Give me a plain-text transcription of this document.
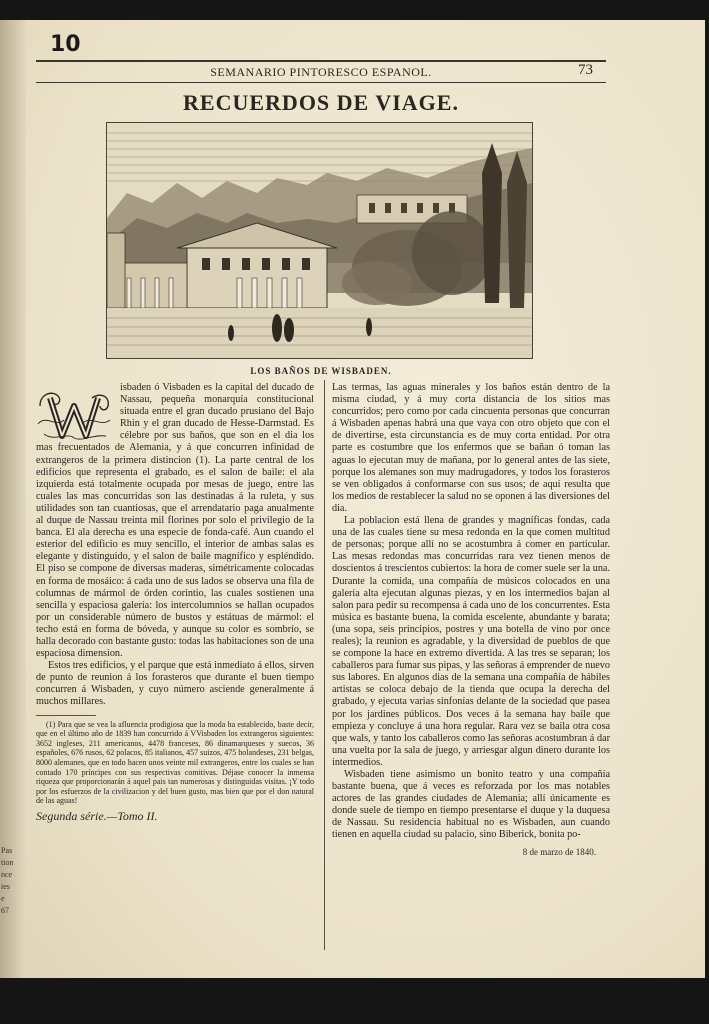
Pas
tion
nce
ies
e
67
10
SEMANARIO PINTORESCO ESPANOL.	73
RECUERDOS DE VIAGE.
LOS BAÑOS DE WISBADEN.

isbaden ó Visbaden es la capital del ducado de Nassau, pequeña monarquía constitucional situada entre el gran ducado prusiano del Bajo Rhin y el gran ducado de Hesse-Darmstad. Es célebre por sus baños, que son en el dia los mas frecuentados de Alemania, y á que concurren infinidad de extrangeros de la primera distincion (1). La parte central de los edificios que representa el grabado, es el salon de baile: el ala izquierda está totalmente ocupada por mesas de juego, entre las cuales las mas concurridas son las destinadas á la ruleta, y sus utilidades son tan cuantiosas, que el arrendatario paga anualmente al duque de Nassau treinta mil florines por solo el privilegio de la banca. El ala derecha es una especie de fonda-café. Aun cuando el esterior del edificio es muy sencillo, el interior de ambas salas es elegante y distinguido, y el salon de baile magnífico y espléndido. El piso se compone de diversas maderas, simétricamente colocadas en forma de mosáico: á cada uno de sus lados se observa una fila de columnas de mármol de órden corintio, las cuales sostienen una sencilla y espaciosa galería: los intercolumnios se hallan ocupados por un considerable número de bustos y estátuas de mármol: el techo está en forma de bóveda, y aunque su color es sombrío, se halla decorado con bastante gusto: todas las habitaciones son de una espaciosa dimension.

Estos tres edificios, y el parque que está inmediato á ellos, sirven de punto de reunion á los forasteros que durante el buen tiempo concurren á Wisbaden, y cuyo número asciende generalmente á muchos millares.

(1) Para que se vea la afluencia prodigiosa que la moda ha establecido, baste decir, que en el último año de 1839 han concurrido á VVisbaden los extrangeros siguientes: 3652 ingleses, 211 americanos, 4478 franceses, 86 dinamarqueses y suecos, 36 españoles, 676 rusos, 62 polacos, 85 italianos, 457 suizos, 475 holandeses, 231 belgas, 8000 alemanes, que en todo hacen unos veinte mil extrangeros, entre los cuales se han contado 170 príncipes con sus respectivas comitivas. Déjase conocer la inmensa riqueza que proporcionarán á aquel pais tan numerosas y distinguidas visitas. ¡Y todo por los esfuerzos de la civilizacion y del buen gusto, mas bien que por el don natural de las aguas!
Segunda série.—Tomo II.

Las termas, las aguas minerales y los baños están dentro de la misma ciudad, y á muy corta distancia de los sitios mas concurridos; pero como por cada cincuenta personas que concurran á Wisbaden apenas habrá una que vaya con otro objeto que con el de divertirse, esta circunstancia es de muy corta entidad. Por otra parte es costumbre que los enfermos que se bañan ó toman las aguas lo ejecutan muy de mañana, por lo general antes de las siete, porque los alemanes son muy madrugadores, y todos los forasteros se ven obligados á conformarse con sus usos; de aquí resulta que los medios de restablecer la salud no se oponen á las diversiones del dia.

La poblacion está llena de grandes y magníficas fondas, cada una de las cuales tiene su mesa redonda en la que comen multitud de personas; porque allí no se acostumbra á comer en particular. Las mesas redondas mas concurridas rara vez tienen menos de doscientos á trescientos cubiertos: la hora de comer suele ser la una. Durante la comida, una compañía de músicos colocados en una galería alta ejecutan algunas piezas, y en los intermedios bajan al salon para pedir su recompensa á cada uno de los concurrentes. Esta música es bastante buena, la comida escelente, abundante y barata; (una sopa, seis principios, postres y una botella de vino por once reales); la reunion es agradable, y la diversidad de pueblos de que se compone la hace en extremo divertida. A las tres se separan; los caballeros para fumar sus pipas, y las señoras á emprender de nuevo sus labores. En algunos dias de la semana una compañía de hábiles artistas se coloca debajo de la tienda que ocupa la derecha del grabado, y ejecuta varias sinfonías delante de la sociedad que pasea por los jardines públicos. Dos veces á la semana hay baile que empieza y concluye á una hora regular. Rara vez se baila otra cosa que wals, y tanto los caballeros como las señoras acostumbran á dar una vuelta por la sala de juego, y arriesgar algun dinero durante los intermedios.

Wisbaden tiene asimismo un bonito teatro y una compañía bastante buena, que á veces es reforzada por los mas notables actores de las grandes ciudades de Alemania; allí únicamente es donde suele de tiempo en tiempo presentarse el duque y la duquesa de Nassau. Su residencia habitual no es Wisbaden, aun cuando tienen en aquella ciudad su palacio, sino Biberick, bonita po-

8 de marzo de 1840.
